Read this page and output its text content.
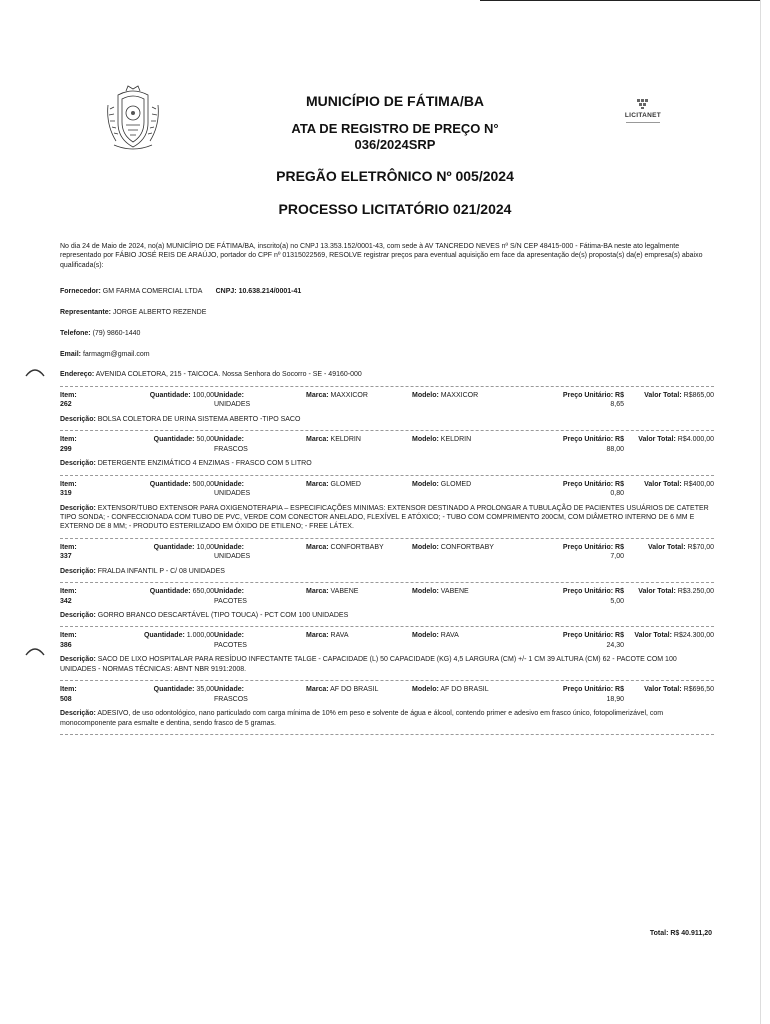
LICITANET
MUNICÍPIO DE FÁTIMA/BA
ATA DE REGISTRO DE PREÇO N°
036/2024SRP
PREGÃO ELETRÔNICO Nº 005/2024
PROCESSO LICITATÓRIO 021/2024
No dia 24 de Maio de 2024, no(a) MUNICÍPIO DE FÁTIMA/BA, inscrito(a) no CNPJ 13.353.152/0001-43, com sede à AV TANCREDO NEVES nº S/N CEP 48415-000 - Fátima-BA neste ato legalmente representado por FÁBIO JOSÉ REIS DE ARAÚJO, portador do CPF nº 01315022569, RESOLVE registrar preços para eventual aquisição em face da apresentação de(s) proposta(s) da(e) empresa(s) abaixo qualificada(s):
Fornecedor: GM FARMA COMERCIAL LTDA CNPJ: 10.638.214/0001-41
Representante: JORGE ALBERTO REZENDE
Telefone: (79) 9860-1440
Email: farmagm@gmail.com
Endereço: AVENIDA COLETORA, 215 - TAICOCA. Nossa Senhora do Socorro - SE - 49160-000
Item:
262
Quantidade: 100,00 Unidade:
UNIDADES
Marca: MAXXICOR	Modelo: MAXXICOR	Preço Unitário: R$
8,65
Valor Total: R$865,00
Descrição: BOLSA COLETORA DE URINA SISTEMA ABERTO -TIPO SACO
Item:
299
Quantidade: 50,00 Unidade:
FRASCOS
Marca: KELDRIN	Modelo: KELDRIN	Preço Unitário: R$
88,00
Valor Total: R$4.000,00
Descrição: DETERGENTE ENZIMÁTICO 4 ENZIMAS - FRASCO COM 5 LITRO
Item:
319
Quantidade: 500,00 Unidade:
UNIDADES
Marca: GLOMED	Modelo: GLOMED	Preço Unitário: R$
0,80
Valor Total: R$400,00
Descrição: EXTENSOR/TUBO EXTENSOR PARA OXIGENOTERAPIA – ESPECIFICAÇÕES MINIMAS: EXTENSOR DESTINADO A PROLONGAR A TUBULAÇÃO DE PACIENTES USUÁRIOS DE CATETER TIPO SONDA; - CONFECCIONADA COM TUBO DE PVC, VERDE COM CONECTOR ANELADO, FLEXÍVEL E ATÓXICO; - TUBO COM COMPRIMENTO 200CM, COM DIÂMETRO INTERNO DE 6 MM E EXTERNO DE 8 MM; - PRODUTO ESTERILIZADO EM ÓXIDO DE ETILENO; - FREE LÁTEX.
Item:
337
Quantidade: 10,00 Unidade:
UNIDADES
Marca: CONFORTBABY	Modelo: CONFORTBABY	Preço Unitário: R$
7,00
Valor Total: R$70,00
Descrição: FRALDA INFANTIL P - C/ 08 UNIDADES
Item:
342
Quantidade: 650,00 Unidade:
PACOTES
Marca: VABENE	Modelo: VABENE	Preço Unitário: R$
5,00
Valor Total: R$3.250,00
Descrição: GORRO BRANCO DESCARTÁVEL (TIPO TOUCA) - PCT COM 100 UNIDADES
Item:
386
Quantidade: 1.000,00 Unidade:
PACOTES
Marca: RAVA	Modelo: RAVA	Preço Unitário: R$
24,30
Valor Total: R$24.300,00
Descrição: SACO DE LIXO HOSPITALAR PARA RESÍDUO INFECTANTE TALGE - CAPACIDADE (L) 50 CAPACIDADE (KG) 4,5 LARGURA (CM) +/- 1 CM 39 ALTURA (CM) 62 - PACOTE COM 100 UNIDADES - NORMAS TÉCNICAS: ABNT NBR 9191:2008.
Item:
508
Quantidade: 35,00 Unidade:
FRASCOS
Marca: AF DO BRASIL	Modelo: AF DO BRASIL	Preço Unitário: R$
18,90
Valor Total: R$696,50
Descrição: ADESIVO, de uso odontológico, nano particulado com carga mínima de 10% em peso e solvente de água e álcool, contendo primer e adesivo em frasco único, fotopolimerizável, com monocomponente para esmalte e dentina, sendo frasco de 5 gramas.
Total: R$ 40.911,20
